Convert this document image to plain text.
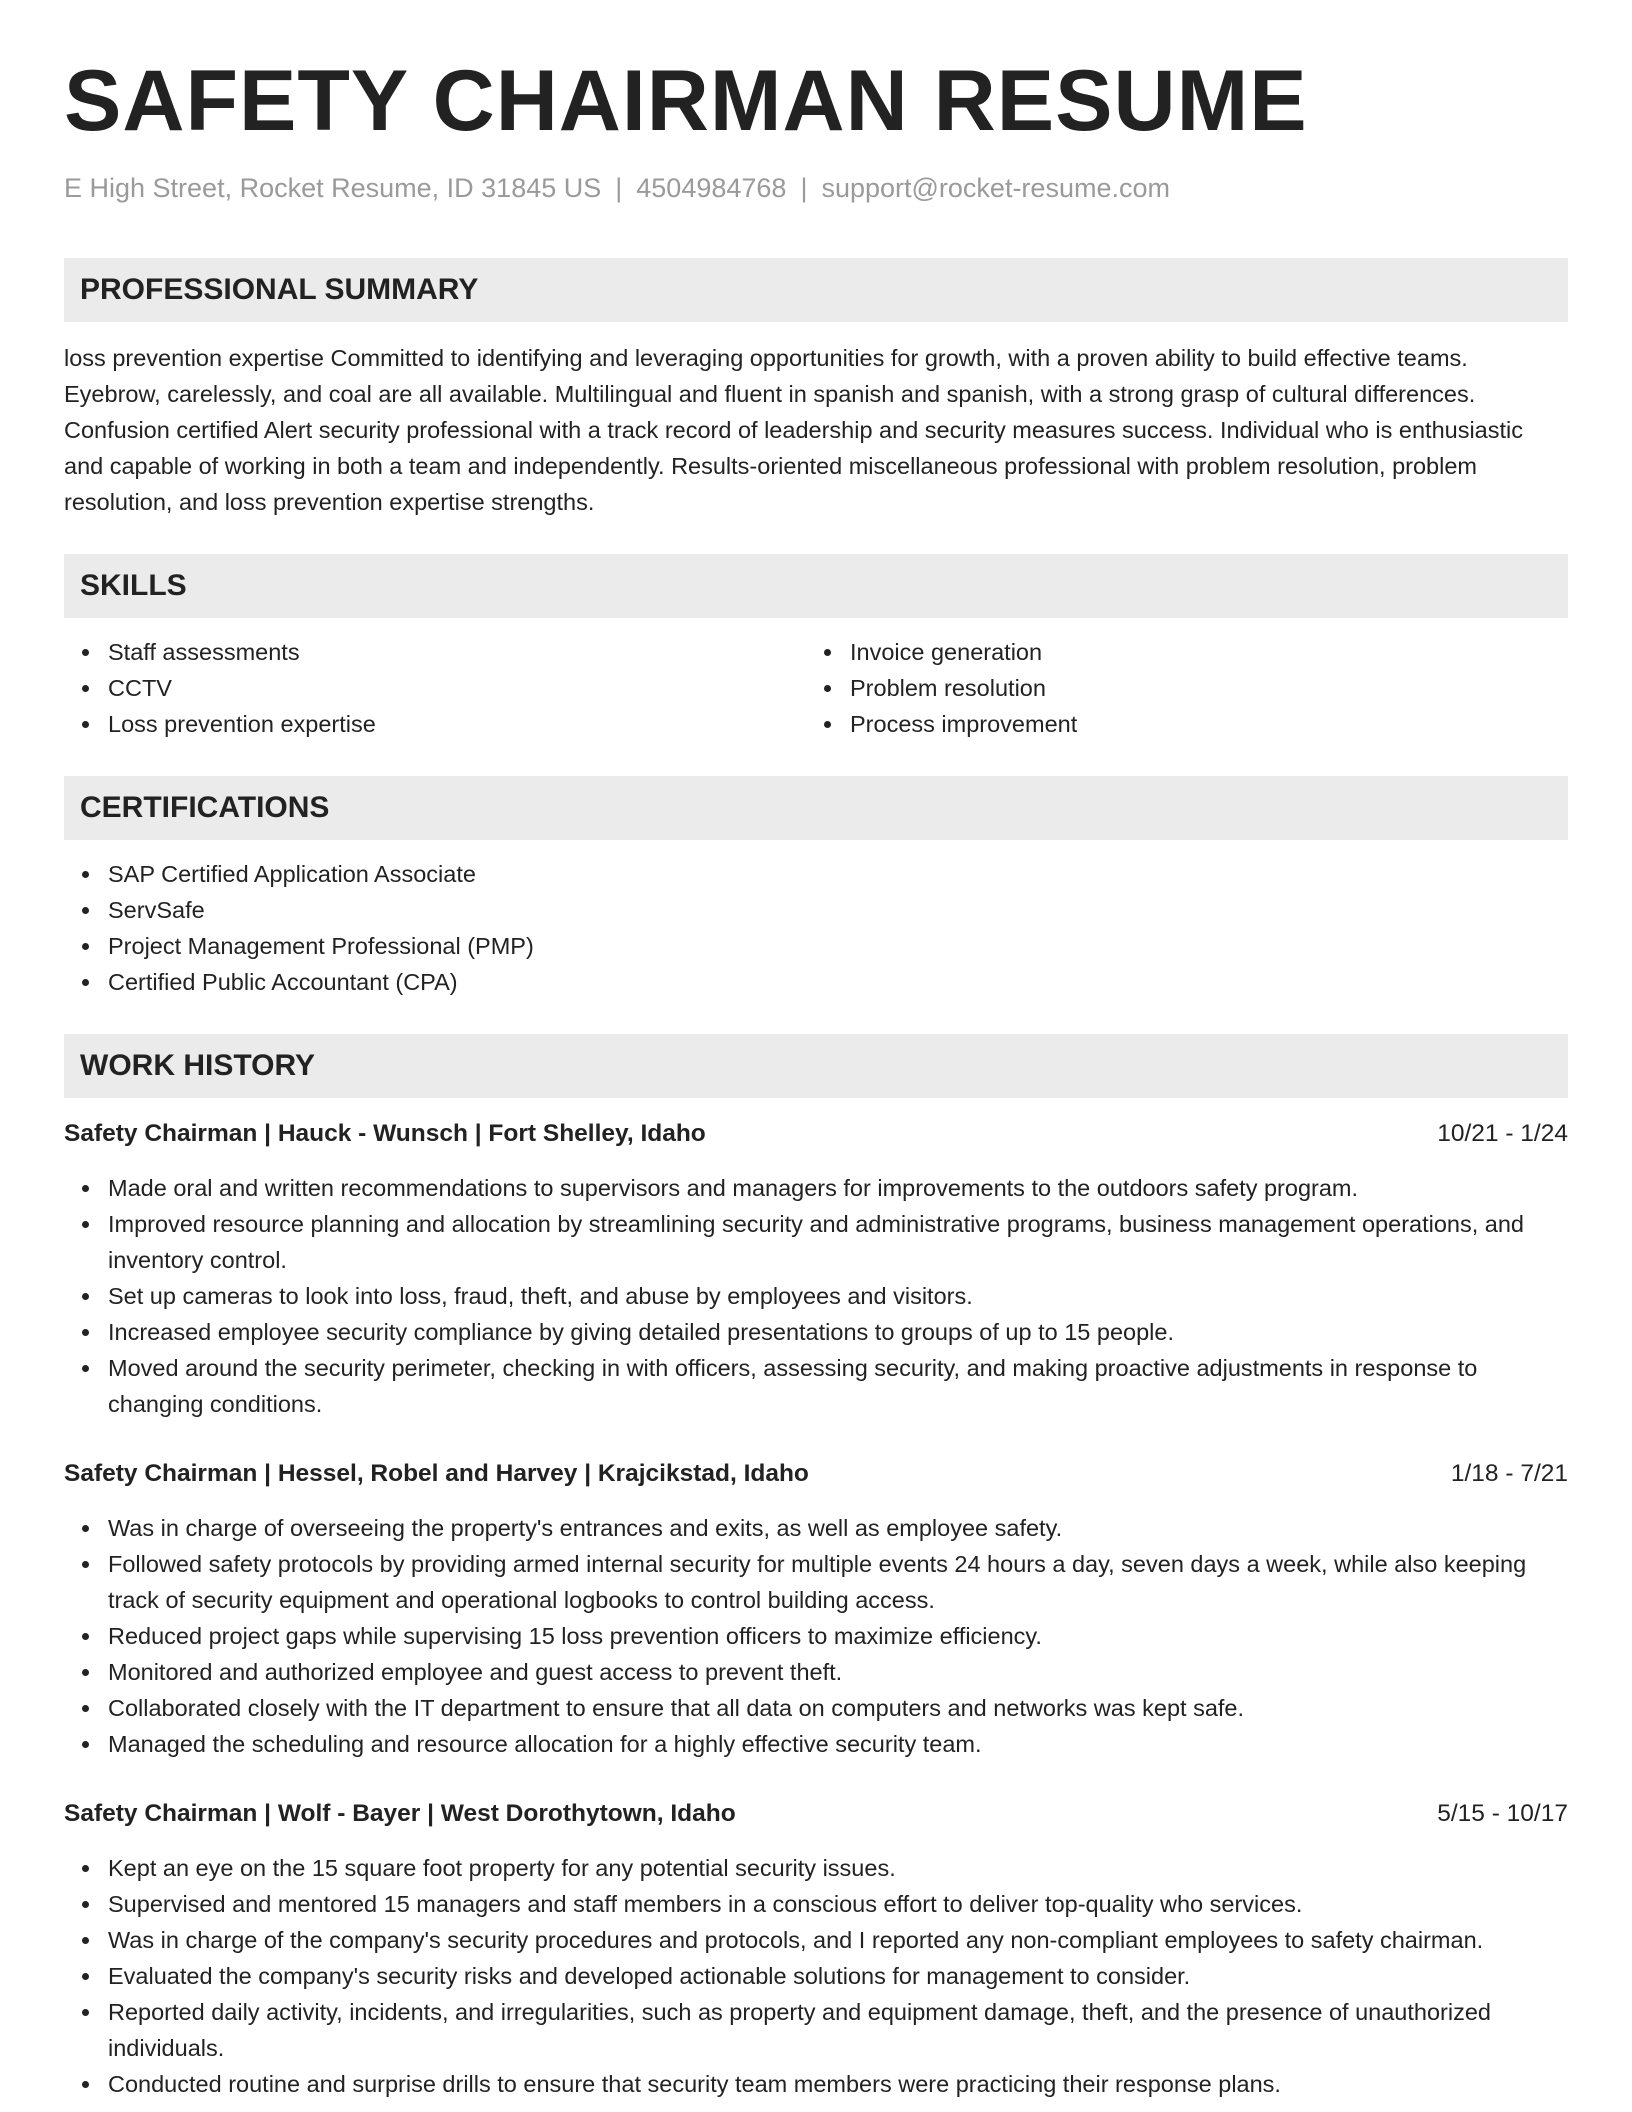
SAFETY CHAIRMAN RESUME
E High Street, Rocket Resume, ID 31845 US | 4504984768 | support@rocket-resume.com
PROFESSIONAL SUMMARY
loss prevention expertise Committed to identifying and leveraging opportunities for growth, with a proven ability to build effective teams. Eyebrow, carelessly, and coal are all available. Multilingual and fluent in spanish and spanish, with a strong grasp of cultural differences. Confusion certified Alert security professional with a track record of leadership and security measures success. Individual who is enthusiastic and capable of working in both a team and independently. Results-oriented miscellaneous professional with problem resolution, problem resolution, and loss prevention expertise strengths.
SKILLS
Staff assessments
CCTV
Loss prevention expertise
Invoice generation
Problem resolution
Process improvement
CERTIFICATIONS
SAP Certified Application Associate
ServSafe
Project Management Professional (PMP)
Certified Public Accountant (CPA)
WORK HISTORY
Safety Chairman | Hauck - Wunsch | Fort Shelley, Idaho	10/21 - 1/24
Made oral and written recommendations to supervisors and managers for improvements to the outdoors safety program.
Improved resource planning and allocation by streamlining security and administrative programs, business management operations, and inventory control.
Set up cameras to look into loss, fraud, theft, and abuse by employees and visitors.
Increased employee security compliance by giving detailed presentations to groups of up to 15 people.
Moved around the security perimeter, checking in with officers, assessing security, and making proactive adjustments in response to changing conditions.
Safety Chairman | Hessel, Robel and Harvey | Krajcikstad, Idaho	1/18 - 7/21
Was in charge of overseeing the property's entrances and exits, as well as employee safety.
Followed safety protocols by providing armed internal security for multiple events 24 hours a day, seven days a week, while also keeping track of security equipment and operational logbooks to control building access.
Reduced project gaps while supervising 15 loss prevention officers to maximize efficiency.
Monitored and authorized employee and guest access to prevent theft.
Collaborated closely with the IT department to ensure that all data on computers and networks was kept safe.
Managed the scheduling and resource allocation for a highly effective security team.
Safety Chairman | Wolf - Bayer | West Dorothytown, Idaho	5/15 - 10/17
Kept an eye on the 15 square foot property for any potential security issues.
Supervised and mentored 15 managers and staff members in a conscious effort to deliver top-quality who services.
Was in charge of the company's security procedures and protocols, and I reported any non-compliant employees to safety chairman.
Evaluated the company's security risks and developed actionable solutions for management to consider.
Reported daily activity, incidents, and irregularities, such as property and equipment damage, theft, and the presence of unauthorized individuals.
Conducted routine and surprise drills to ensure that security team members were practicing their response plans.
